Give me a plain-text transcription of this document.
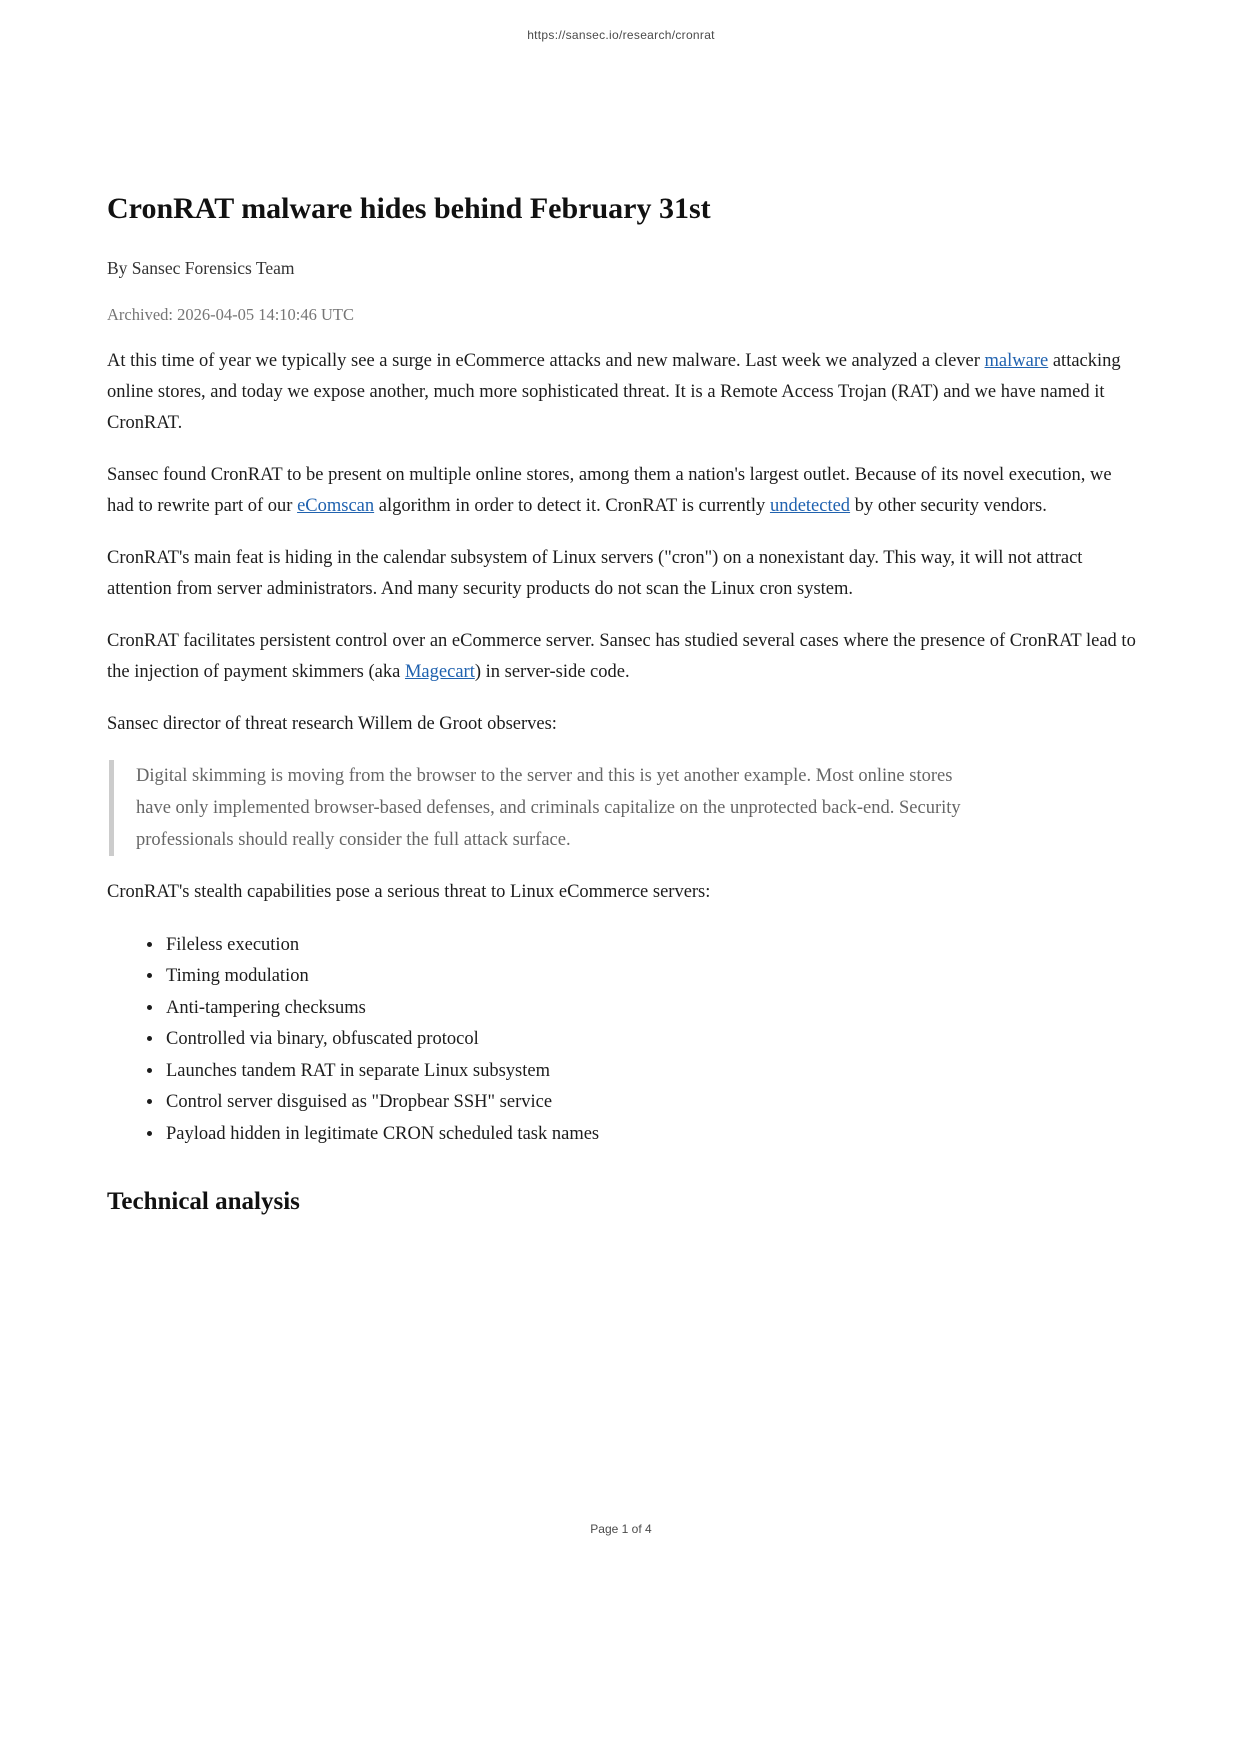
https://sansec.io/research/cronrat
CronRAT malware hides behind February 31st

By Sansec Forensics Team

Archived: 2026-04-05 14:10:46 UTC

At this time of year we typically see a surge in eCommerce attacks and new malware. Last week we analyzed a clever malware attacking online stores, and today we expose another, much more sophisticated threat. It is a Remote Access Trojan (RAT) and we have named it CronRAT.

Sansec found CronRAT to be present on multiple online stores, among them a nation's largest outlet. Because of its novel execution, we had to rewrite part of our eComscan algorithm in order to detect it. CronRAT is currently undetected by other security vendors.

CronRAT's main feat is hiding in the calendar subsystem of Linux servers ("cron") on a nonexistant day. This way, it will not attract attention from server administrators. And many security products do not scan the Linux cron system.

CronRAT facilitates persistent control over an eCommerce server. Sansec has studied several cases where the presence of CronRAT lead to the injection of payment skimmers (aka Magecart) in server-side code.

Sansec director of threat research Willem de Groot observes:

Digital skimming is moving from the browser to the server and this is yet another example. Most online stores have only implemented browser-based defenses, and criminals capitalize on the unprotected back-end. Security professionals should really consider the full attack surface.

CronRAT's stealth capabilities pose a serious threat to Linux eCommerce servers:

• Fileless execution
• Timing modulation
• Anti-tampering checksums
• Controlled via binary, obfuscated protocol
• Launches tandem RAT in separate Linux subsystem
• Control server disguised as "Dropbear SSH" service
• Payload hidden in legitimate CRON scheduled task names
Technical analysis
Page 1 of 4
